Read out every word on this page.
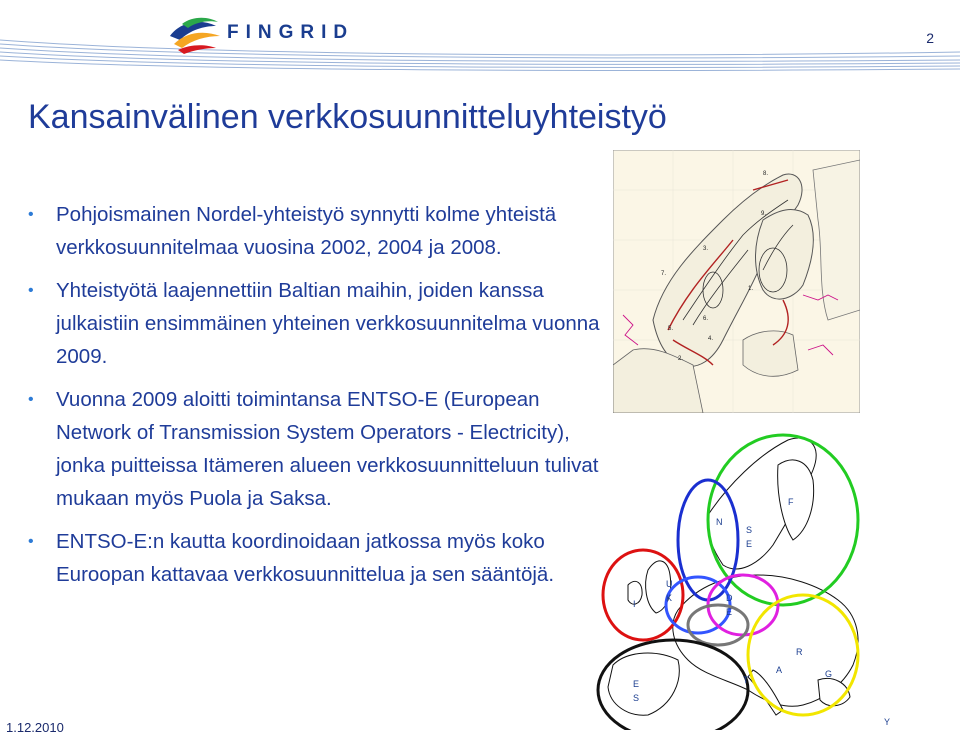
FINGRID	2
Kansainvälinen verkkosuunnitteluyhteistyö
• Pohjoismainen Nordel-yhteistyö synnytti kolme yhteistä verkkosuunnitelmaa vuosina 2002, 2004 ja 2008.
• Yhteistyötä laajennettiin Baltian maihin, joiden kanssa julkaistiin ensimmäinen yhteinen verkkosuunnitelma vuonna 2009.
• Vuonna 2009 aloitti toimintansa ENTSO-E (European Network of Transmission System Operators - Electricity), jonka puitteissa Itämeren alueen verkkosuunnitteluun tulivat mukaan myös Puola ja Saksa.
• ENTSO-E:n kautta koordinoidaan jatkossa myös koko Euroopan kattavaa verkkosuunnittelua ja sen sääntöjä.
1.
2.
3.
4.
5.
6.
7.
8.
9.
F
N
S
E
U
K	D
E
I
E
S
A
T
G
R
Y
1.12.2010
